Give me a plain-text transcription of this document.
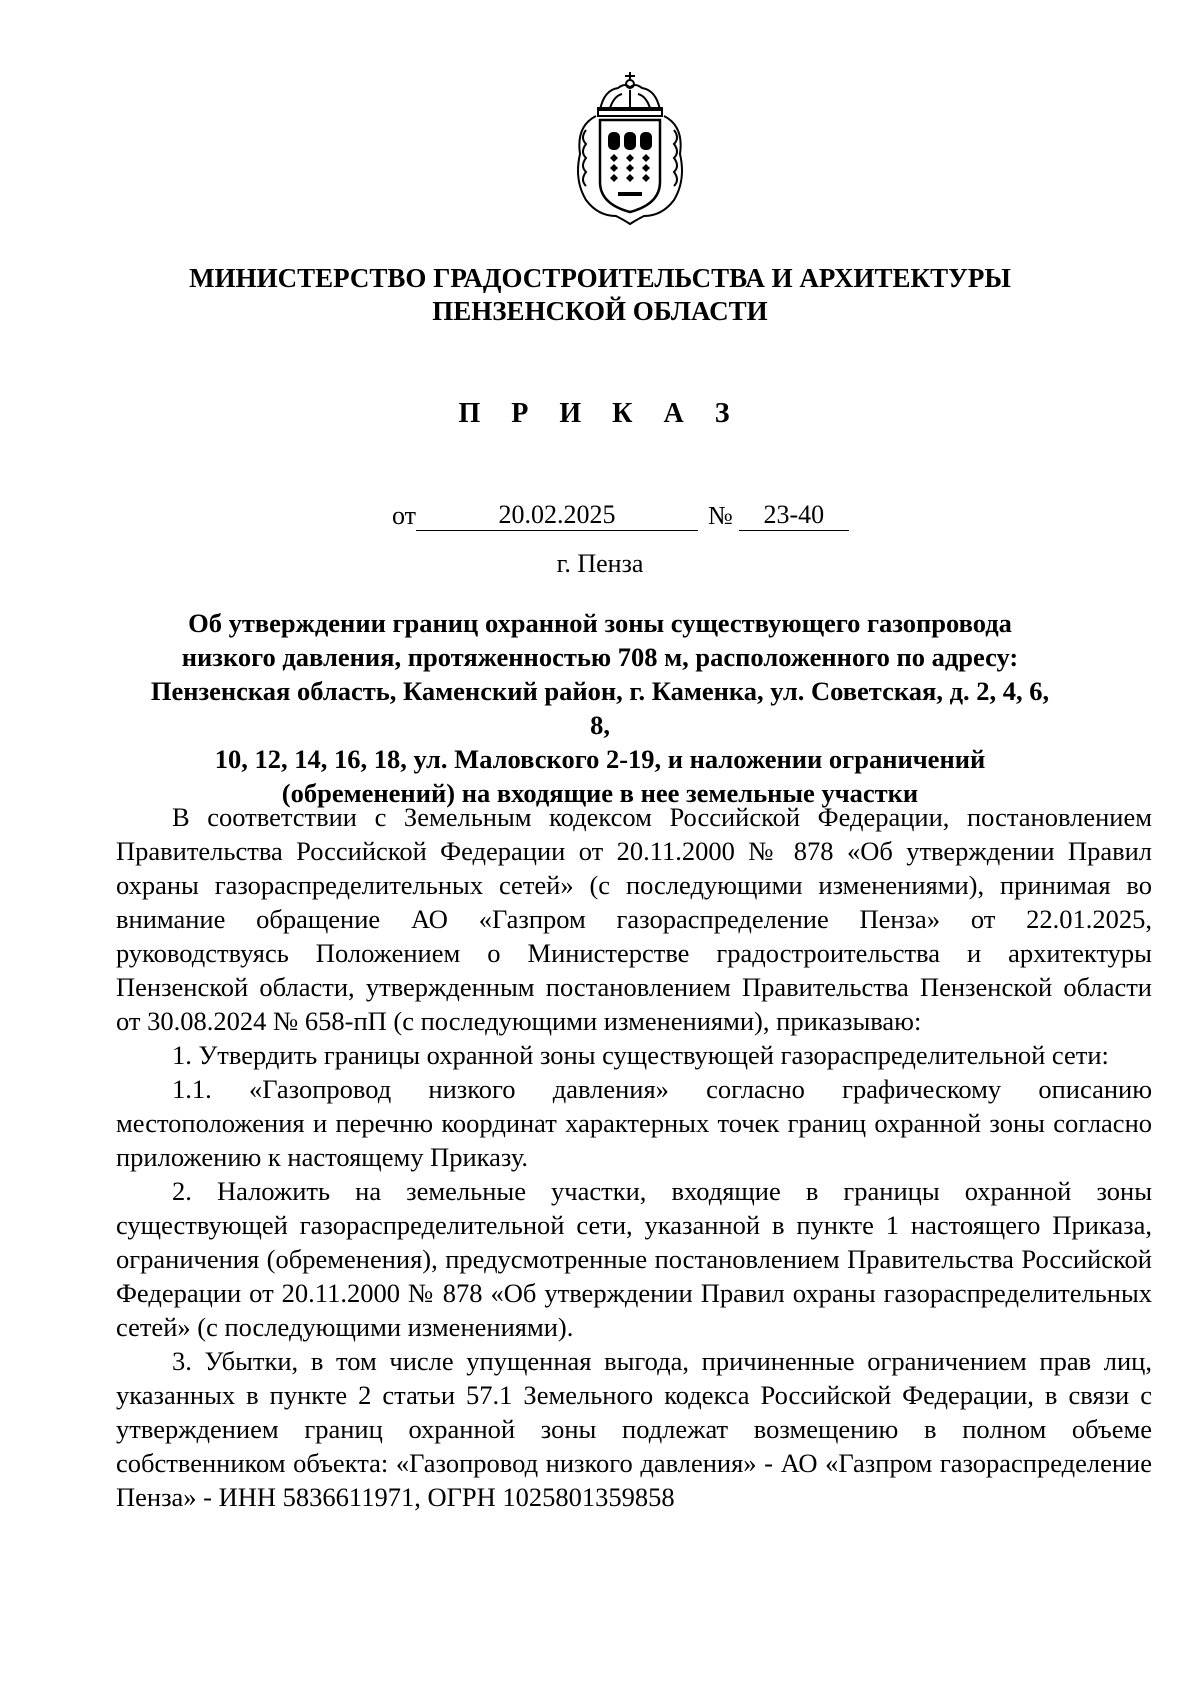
МИНИСТЕРСТВО ГРАДОСТРОИТЕЛЬСТВА И АРХИТЕКТУРЫ
ПЕНЗЕНСКОЙ ОБЛАСТИ
П Р И К А З
от	20.02.2025	№ 23-40
г. Пенза
Об утверждении границ охранной зоны существующего газопровода
низкого давления, протяженностью 708 м, расположенного по адресу:
Пензенская область, Каменский район, г. Каменка, ул. Советская, д. 2, 4, 6, 8,
10, 12, 14, 16, 18, ул. Маловского 2-19, и наложении ограничений
(обременений) на входящие в нее земельные участки

В соответствии с Земельным кодексом Российской Федерации, постановлением Правительства Российской Федерации от 20.11.2000 № 878 «Об утверждении Правил охраны газораспределительных сетей» (с последующими изменениями), принимая во внимание обращение АО «Газпром газораспределение Пенза» от 22.01.2025, руководствуясь Положением о Министерстве градостроительства и архитектуры Пензенской области, утвержденным постановлением Правительства Пензенской области от 30.08.2024 № 658-пП (с последующими изменениями), приказываю:

1. Утвердить границы охранной зоны существующей газораспределительной сети:

1.1. «Газопровод низкого давления» согласно графическому описанию местоположения и перечню координат характерных точек границ охранной зоны согласно приложению к настоящему Приказу.

2. Наложить на земельные участки, входящие в границы охранной зоны существующей газораспределительной сети, указанной в пункте 1 настоящего Приказа, ограничения (обременения), предусмотренные постановлением Правительства Российской Федерации от 20.11.2000 № 878 «Об утверждении Правил охраны газораспределительных сетей» (с последующими изменениями).

3. Убытки, в том числе упущенная выгода, причиненные ограничением прав лиц, указанных в пункте 2 статьи 57.1 Земельного кодекса Российской Федерации, в связи с утверждением границ охранной зоны подлежат возмещению в полном объеме собственником объекта: «Газопровод низкого давления» - АО «Газпром газораспределение Пенза» - ИНН 5836611971, ОГРН 1025801359858
